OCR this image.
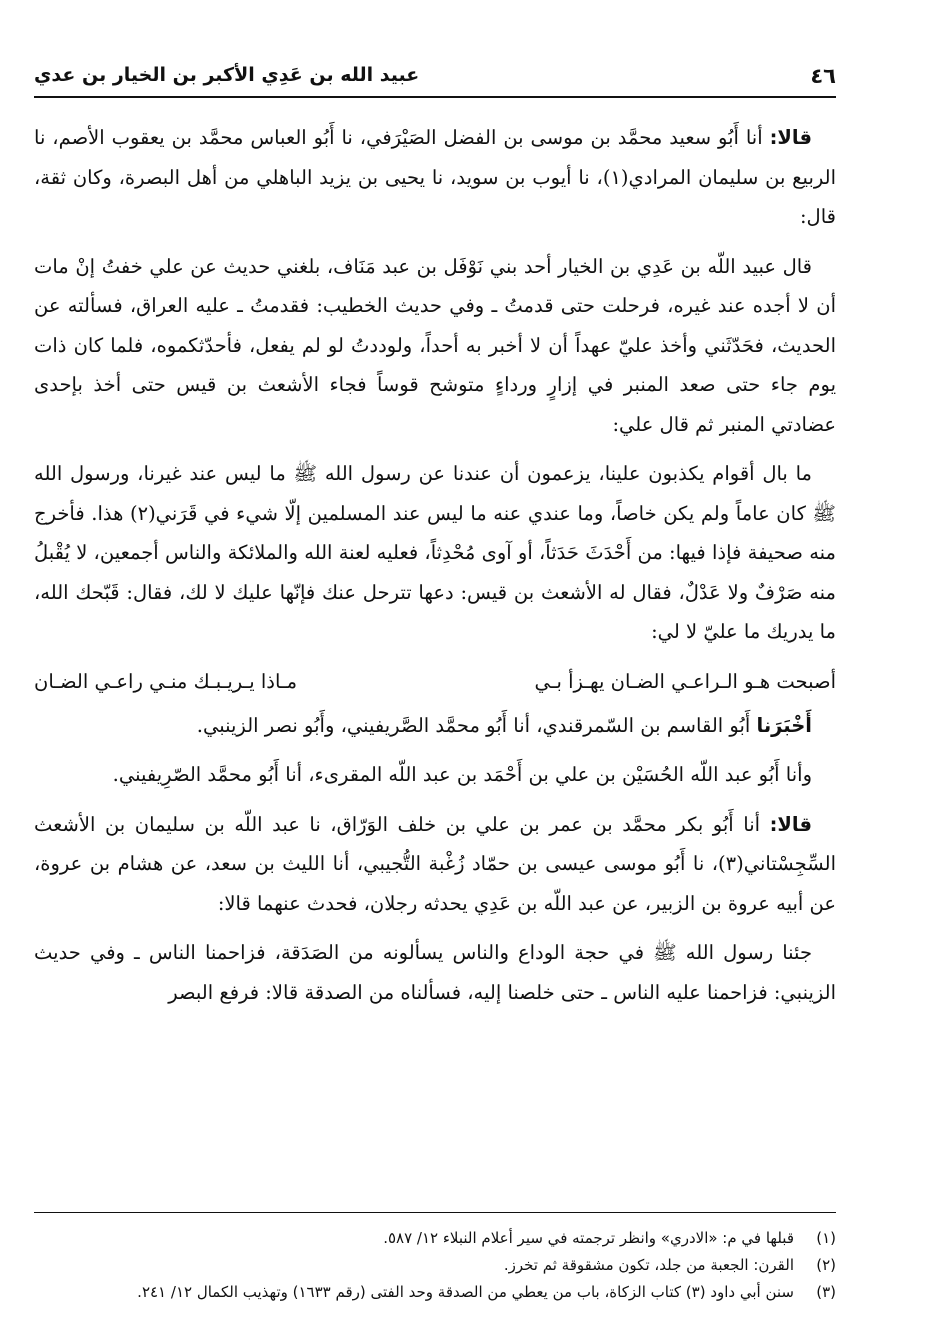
٤٦
عبيد الله بن عَدِي الأكبر بن الخيار بن عدي

قالا: أنا أَبُو سعيد محمَّد بن موسى بن الفضل الصَيْرَفي، نا أَبُو العباس محمَّد بن يعقوب الأصم، نا الربيع بن سليمان المرادي(١)، نا أيوب بن سويد، نا يحيى بن يزيد الباهلي من أهل البصرة، وكان ثقة، قال:

قال عبيد اللّه بن عَدِي بن الخيار أحد بني نَوْفَل بن عبد مَنَاف، بلغني حديث عن علي خفتُ إنْ مات أن لا أجده عند غيره، فرحلت حتى قدمتُ ـ وفي حديث الخطيب: فقدمتُ ـ عليه العراق، فسألته عن الحديث، فحَدّثَني وأخذ عليّ عهداً أن لا أخبر به أحداً، ولوددتُ لو لم يفعل، فأحدّثكموه، فلما كان ذات يوم جاء حتى صعد المنبر في إزارٍ ورداءٍ متوشح قوساً فجاء الأشعث بن قيس حتى أخذ بإحدى عضادتي المنبر ثم قال علي:

ما بال أقوام يكذبون علينا، يزعمون أن عندنا عن رسول الله ﷺ ما ليس عند غيرنا، ورسول الله ﷺ كان عاماً ولم يكن خاصاً، وما عندي عنه ما ليس عند المسلمين إلّا شيء في قَرَني(٢) هذا. فأخرج منه صحيفة فإذا فيها: من أَحْدَثَ حَدَثاً، أو آوى مُحْدِثاً، فعليه لعنة الله والملائكة والناس أجمعين، لا يُقْبلُ منه صَرْفٌ ولا عَدْلٌ، فقال له الأشعث بن قيس: دعها تترحل عنك فإنّها عليك لا لك، فقال: قَبّحك الله، ما يدريك ما عليّ لا لي:

أصبحت هـو الـراعـي الضـان يهـزأ بـي
مـاذا يـريـبـك منـي راعـي الضـان

أَخْبَرَنا أَبُو القاسم بن السّمرقندي، أنا أَبُو محمَّد الصَّريفيني، وأَبُو نصر الزينبي.

وأنا أَبُو عبد اللّه الحُسَيْن بن علي بن أَحْمَد بن عبد اللّه المقرىء، أنا أَبُو محمَّد الصّرِيفيني.

قالا: أنا أَبُو بكر محمَّد بن عمر بن علي بن خلف الوَرّاق، نا عبد اللّه بن سليمان بن الأشعث السِّجِسْتاني(٣)، نا أَبُو موسى عيسى بن حمّاد زُغْبة التُّجيبي، أنا الليث بن سعد، عن هشام بن عروة، عن أبيه عروة بن الزبير، عن عبد اللّه بن عَدِي يحدثه رجلان، فحدث عنهما قالا:

جئنا رسول الله ﷺ في حجة الوداع والناس يسألونه من الصَدَقة، فزاحمنا الناس ـ وفي حديث الزينبي: فزاحمنا عليه الناس ـ حتى خلصنا إليه، فسألناه من الصدقة قالا: فرفع البصر

(١)
قبلها في م: «الادري» وانظر ترجمته في سير أعلام النبلاء ١٢/ ٥٨٧.
(٢)
القرن: الجعبة من جلد، تكون مشقوقة ثم تخرز.
(٣)
سنن أبي داود (٣) كتاب الزكاة، باب من يعطي من الصدقة وحد الفتى (رقم ١٦٣٣) وتهذيب الكمال ١٢/ ٢٤١.
